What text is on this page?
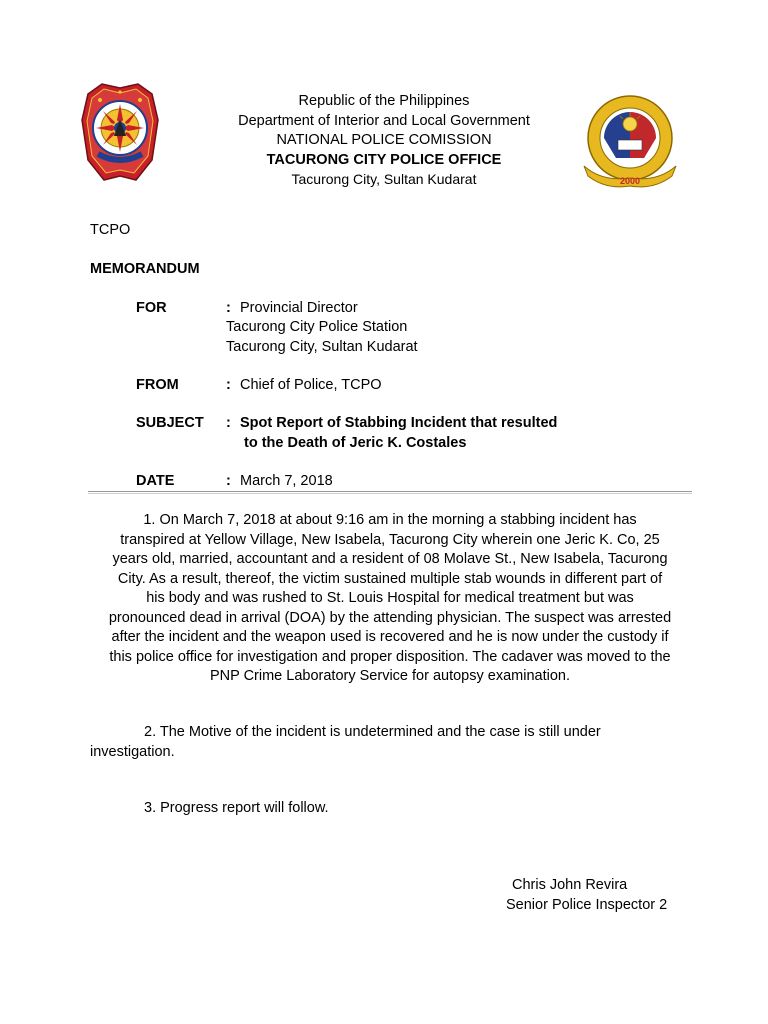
2000
Republic of the Philippines
Department of Interior and Local Government
NATIONAL POLICE COMISSION
TACURONG CITY POLICE OFFICE
Tacurong City, Sultan Kudarat
TCPO
MEMORANDUM
FOR	: Provincial Director
Tacurong City Police Station
Tacurong City, Sultan Kudarat
FROM	: Chief of Police, TCPO
SUBJECT : Spot Report of Stabbing Incident that resulted
to the Death of Jeric K. Costales
DATE	: March 7, 2018
1. On March 7, 2018 at about 9:16 am in the morning a stabbing incident has
transpired at Yellow Village, New Isabela, Tacurong City wherein one Jeric K. Co, 25
years old, married, accountant and a resident of 08 Molave St., New Isabela, Tacurong
City. As a result, thereof, the victim sustained multiple stab wounds in different part of
his body and was rushed to St. Louis Hospital for medical treatment but was
pronounced dead in arrival (DOA) by the attending physician. The suspect was arrested
after the incident and the weapon used is recovered and he is now under the custody if
this police office for investigation and proper disposition. The cadaver was moved to the
PNP Crime Laboratory Service for autopsy examination.
2. The Motive of the incident is undetermined and the case is still under
investigation.
3. Progress report will follow.
Chris John Revira
Senior Police Inspector 2
